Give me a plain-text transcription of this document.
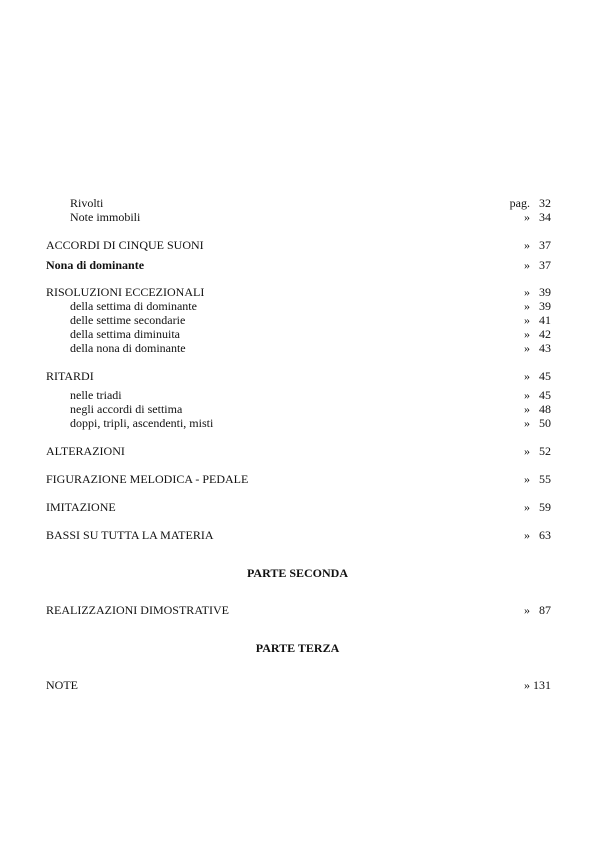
Rivolti	pag. 32
Note immobili	» 34
ACCORDI DI CINQUE SUONI	» 37
Nona di dominante	» 37
RISOLUZIONI ECCEZIONALI	» 39
della settima di dominante	» 39
delle settime secondarie	» 41
della settima diminuita	» 42
della nona di dominante	» 43
RITARDI	» 45
nelle triadi	» 45
negli accordi di settima	» 48
doppi, tripli, ascendenti, misti	» 50
ALTERAZIONI	» 52
FIGURAZIONE MELODICA - PEDALE	» 55
IMITAZIONE	» 59
BASSI SU TUTTA LA MATERIA	» 63
PARTE SECONDA
REALIZZAZIONI DIMOSTRATIVE	» 87
PARTE TERZA
NOTE	» 131
